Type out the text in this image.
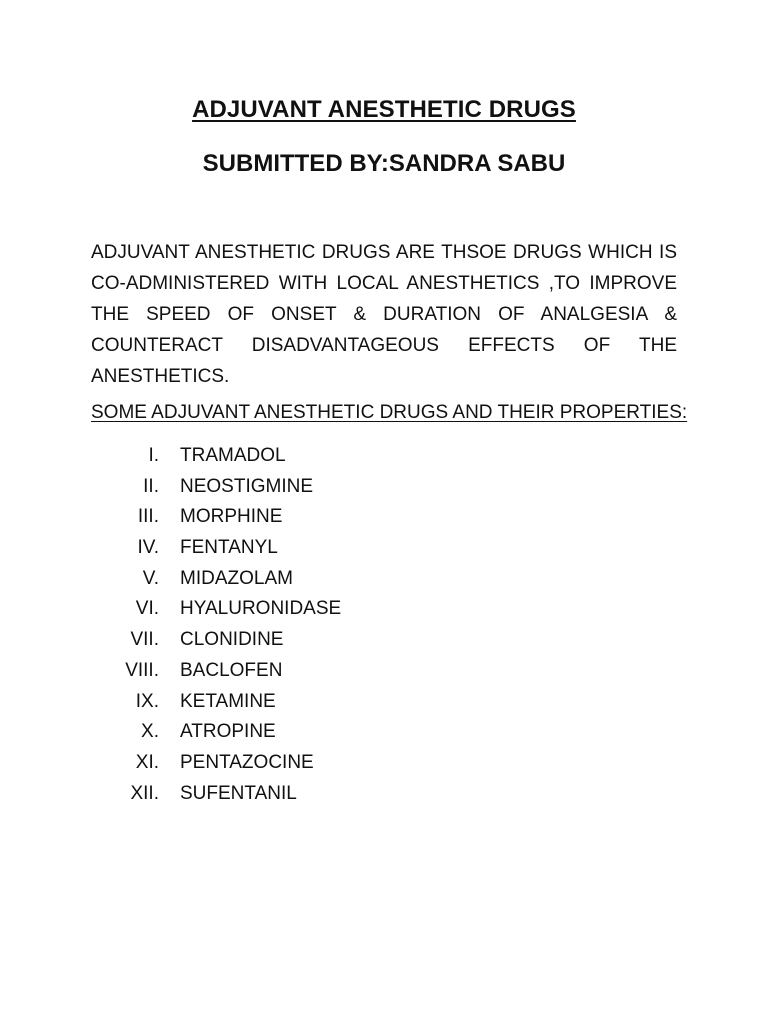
ADJUVANT ANESTHETIC DRUGS
SUBMITTED BY:SANDRA SABU

ADJUVANT ANESTHETIC DRUGS ARE THSOE DRUGS WHICH IS CO-ADMINISTERED WITH LOCAL ANESTHETICS ,TO IMPROVE THE SPEED OF ONSET & DURATION OF ANALGESIA & COUNTERACT DISADVANTAGEOUS EFFECTS OF THE ANESTHETICS.

SOME ADJUVANT ANESTHETIC DRUGS AND THEIR PROPERTIES:
I. TRAMADOL
II. NEOSTIGMINE
III. MORPHINE
IV. FENTANYL
V. MIDAZOLAM
VI. HYALURONIDASE
VII. CLONIDINE
VIII. BACLOFEN
IX. KETAMINE
X. ATROPINE
XI. PENTAZOCINE
XII. SUFENTANIL
